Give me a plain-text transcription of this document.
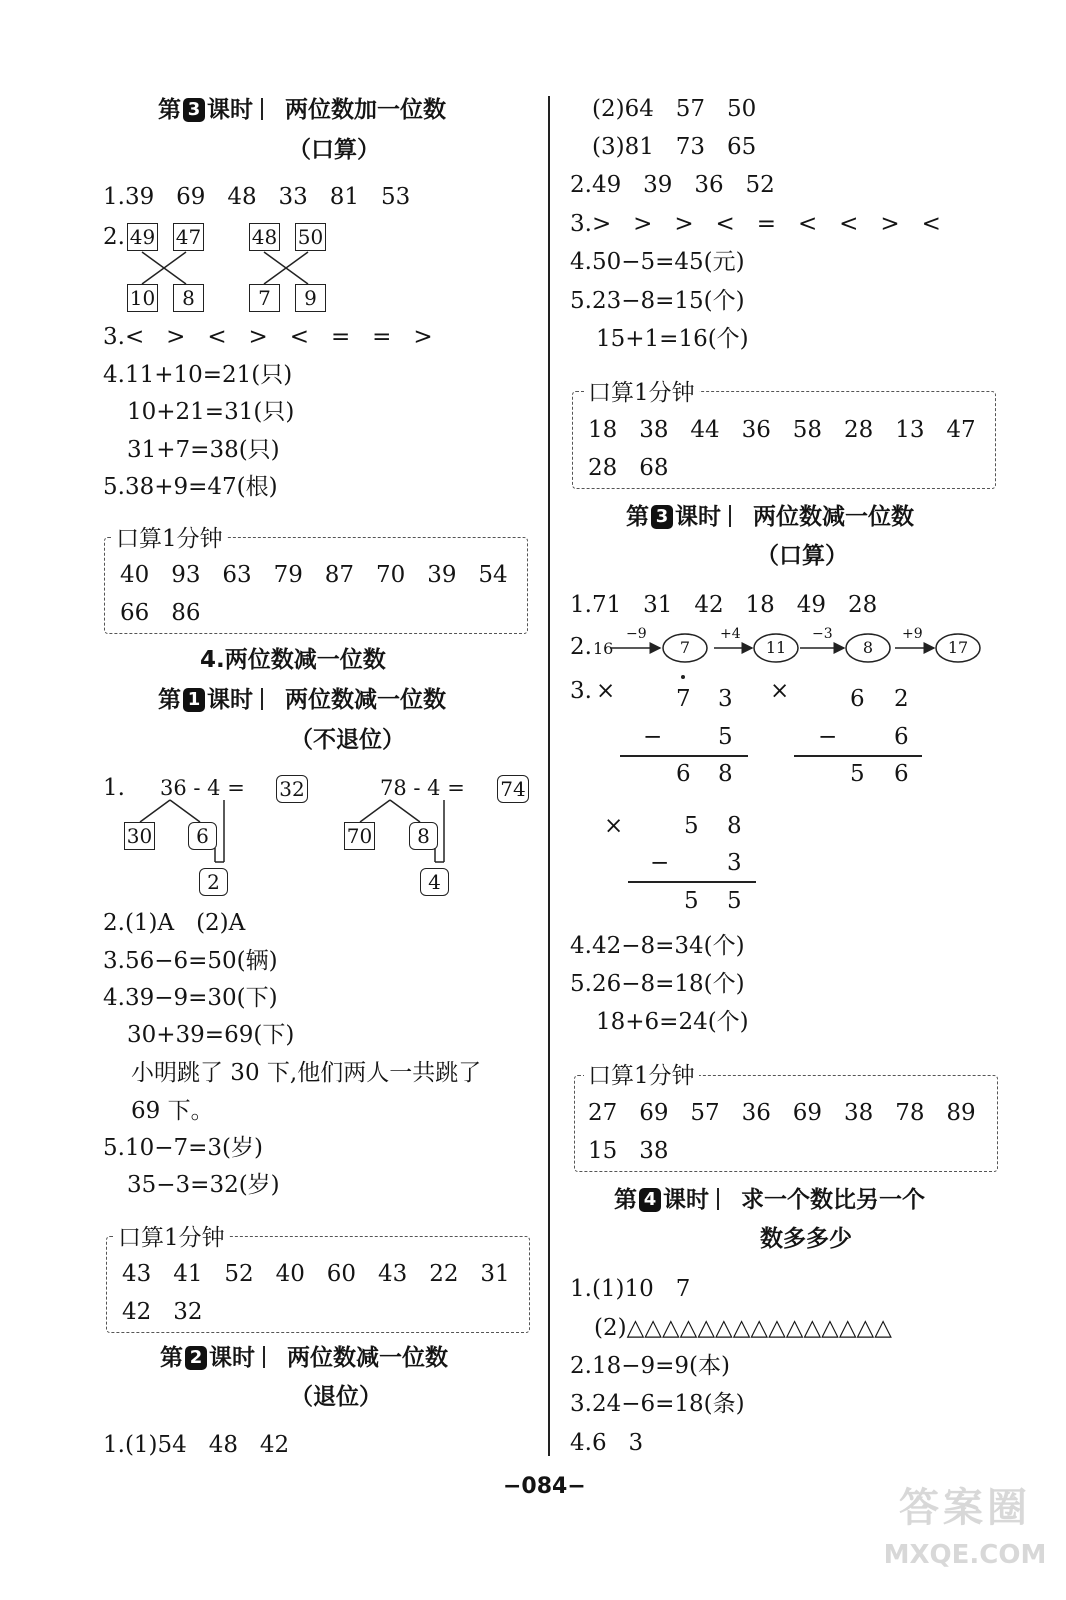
第 3 课时 两位数加一位数
（口算）
1.39   69   48   33   81   53
2. 49 47	48 50
10	8	7	9
3.<   >   <   >   <   =   =   >
4.11+10=21(只)
10+21=31(只)
31+7=38(只)
5.38+9=47(根)
口算1分钟
40   93   63   79   87   70   39   54
66   86
4.两位数减一位数
第 1 课时 两位数减一位数
（不退位）
1. 36 - 4 = 32
30	6
2
78 - 4 = 74
70	8
4
2.(1)A   (2)A
3.56−6=50(辆)
4.39−9=30(下)
30+39=69(下)
小明跳了 30 下,他们两人一共跳了
69 下。
5.10−7=3(岁)
35−3=32(岁)
口算1分钟
43   41   52   40   60   43   22   31
42   32
第 2 课时 两位数减一位数
（退位）
1.(1)54   48   42
(2)64   57   50
(3)81   73   65
2.49   39   36   52
3.>   >   >   <   =   <   <   >   <
4.50−5=45(元)
5.23−8=15(个)
15+1=16(个)
口算1分钟
18   38   44   36   58   28   13   47
28   68
第 3 课时 两位数减一位数
（口算）
1.71   31   42   18   49   28
2. 16
−9	+4	−3	+9
7	11	8	17
3. ×	7 3
− 5
6 8
×	6 2
− 6
5 6
×	5 8
−	3
5 5
4.42−8=34(个)
5.26−8=18(个)
18+6=24(个)
口算1分钟
27   69   57   36   69   38   78   89
15   38
第 4 课时 求一个数比另一个
数多多少
1.(1)10   7
(2)△△△△△△△△△△△△△△△
2.18−9=9(本)
3.24−6=18(条)
4.6   3
−084−	答案圈
MXQE.COM
